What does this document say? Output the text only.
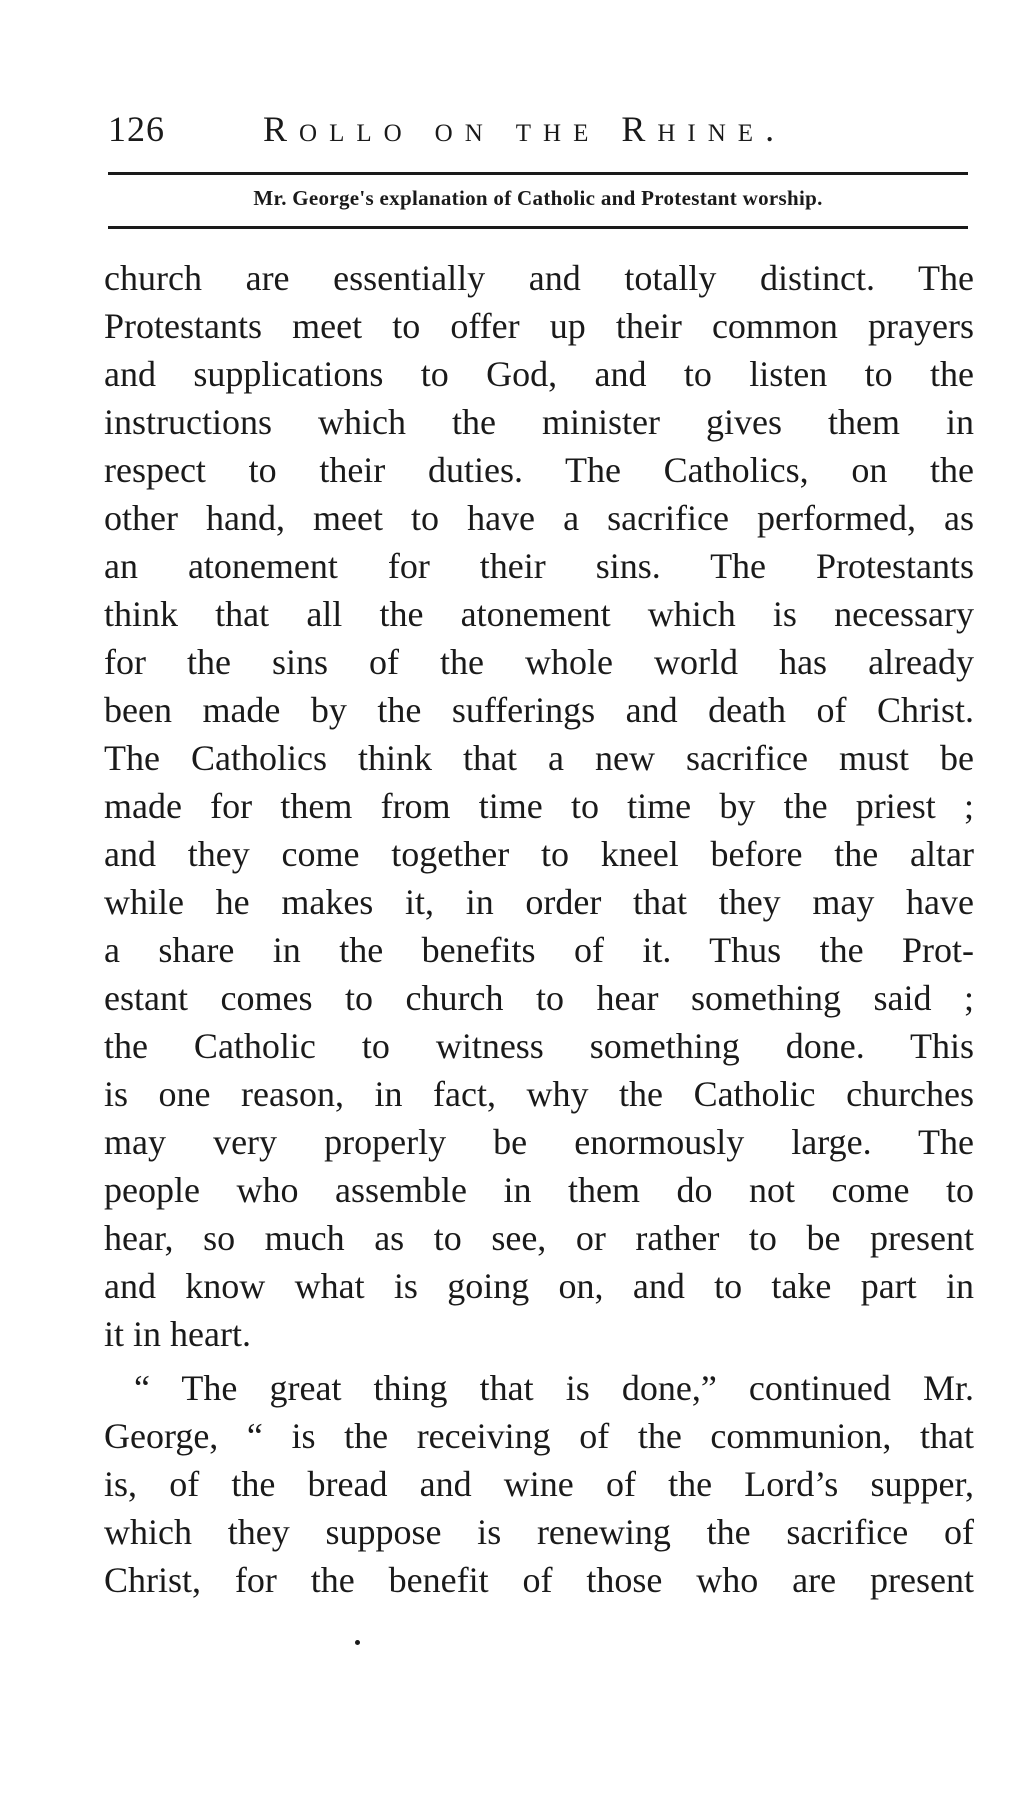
126	Rollo on the Rhine.
Mr. George's explanation of Catholic and Protestant worship.
church are essentially and totally distinct. The
Protestants meet to offer up their common prayers
and supplications to God, and to listen to the
instructions which the minister gives them in
respect to their duties. The Catholics, on the
other hand, meet to have a sacrifice performed, as
an atonement for their sins. The Protestants
think that all the atonement which is necessary
for the sins of the whole world has already
been made by the sufferings and death of Christ.
The Catholics think that a new sacrifice must be
made for them from time to time by the priest ;
and they come together to kneel before the altar
while he makes it, in order that they may have
a share in the benefits of it. Thus the Prot-
estant comes to church to hear something said ;
the Catholic to witness something done. This
is one reason, in fact, why the Catholic churches
may very properly be enormously large. The
people who assemble in them do not come to
hear, so much as to see, or rather to be present
and know what is going on, and to take part in
it in heart.
“ The great thing that is done,” continued Mr.
George, “ is the receiving of the communion, that
is, of the bread and wine of the Lord’s supper,
which they suppose is renewing the sacrifice of
Christ, for the benefit of those who are present
